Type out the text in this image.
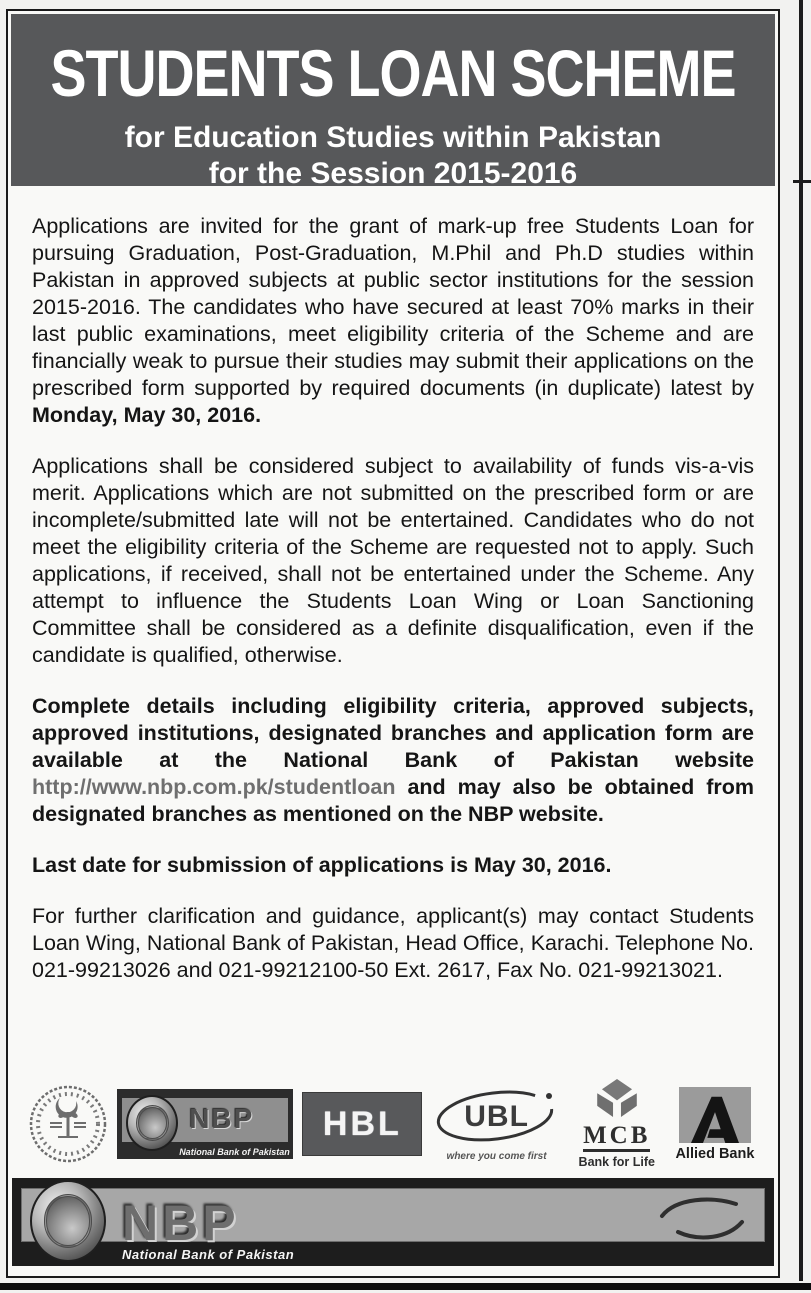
STUDENTS LOAN SCHEME
for Education Studies within Pakistan
for the Session 2015-2016

Applications are invited for the grant of mark-up free Students Loan for pursuing Graduation, Post-Graduation, M.Phil and Ph.D studies within Pakistan in approved subjects at public sector institutions for the session 2015-2016. The candidates who have secured at least 70% marks in their last public examinations, meet eligibility criteria of the Scheme and are financially weak to pursue their studies may submit their applications on the prescribed form supported by required documents (in duplicate) latest by Monday, May 30, 2016.

Applications shall be considered subject to availability of funds vis-a-vis merit. Applications which are not submitted on the prescribed form or are incomplete/submitted late will not be entertained. Candidates who do not meet the eligibility criteria of the Scheme are requested not to apply. Such applications, if received, shall not be entertained under the Scheme. Any attempt to influence the Students Loan Wing or Loan Sanctioning Committee shall be considered as a definite disqualification, even if the candidate is qualified, otherwise.

Complete details including eligibility criteria, approved subjects, approved institutions, designated branches and application form are available at the National Bank of Pakistan website http://www.nbp.com.pk/studentloan and may also be obtained from designated branches as mentioned on the NBP website.

Last date for submission of applications is May 30, 2016.

For further clarification and guidance, applicant(s) may contact Students Loan Wing, National Bank of Pakistan, Head Office, Karachi. Telephone No. 021-99213026 and 021-99212100-50 Ext. 2617, Fax No. 021-99213021.

NBP
National Bank of Pakistan
HBL	UBL
where you come first
MCB
Bank for Life
Allied Bank
NBP
National Bank of Pakistan
